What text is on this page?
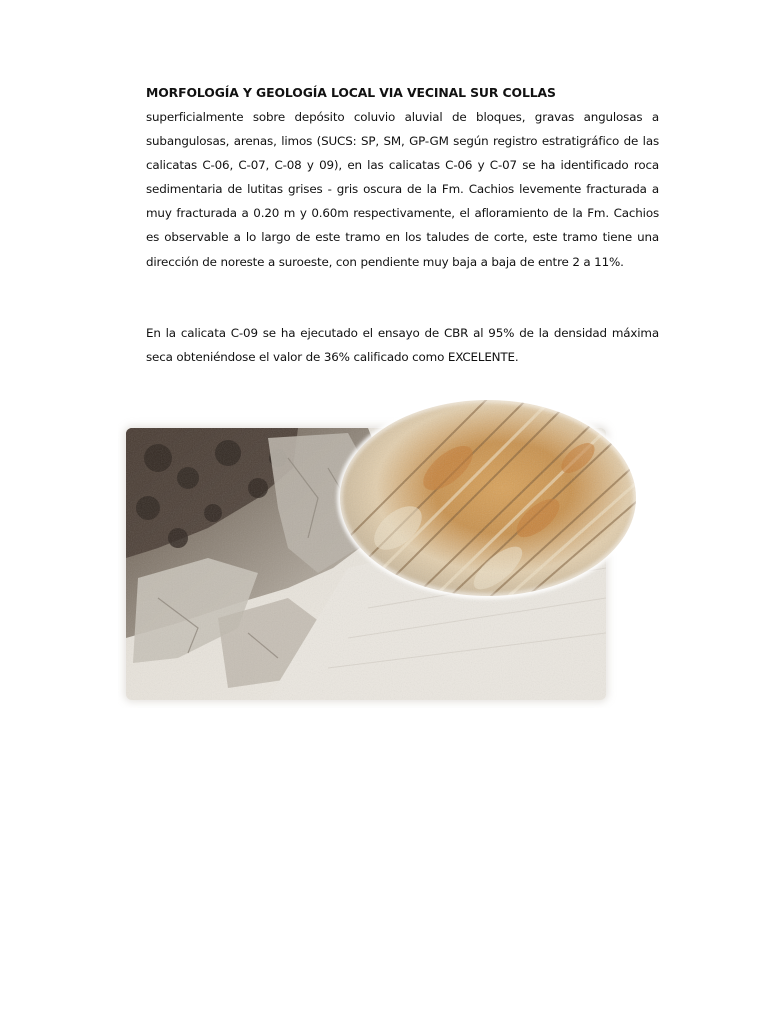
MORFOLOGÍA Y GEOLOGÍA LOCAL VIA VECINAL SUR COLLAS

superficialmente sobre depósito coluvio aluvial de bloques, gravas angulosas a subangulosas, arenas, limos (SUCS: SP, SM, GP-GM según registro estratigráfico de las calicatas C-06, C-07, C-08 y 09), en las calicatas C-06 y C-07 se ha identificado roca sedimentaria de lutitas grises - gris oscura de la Fm. Cachios levemente fracturada a muy fracturada a 0.20 m y 0.60m respectivamente, el afloramiento de la Fm. Cachios es observable a lo largo de este tramo en los taludes de corte, este tramo tiene una dirección de noreste a suroeste, con pendiente muy baja a baja de entre 2 a 11%.

En la calicata C-09 se ha ejecutado el ensayo de CBR al 95% de la densidad máxima seca obteniéndose el valor de 36% calificado como EXCELENTE.
